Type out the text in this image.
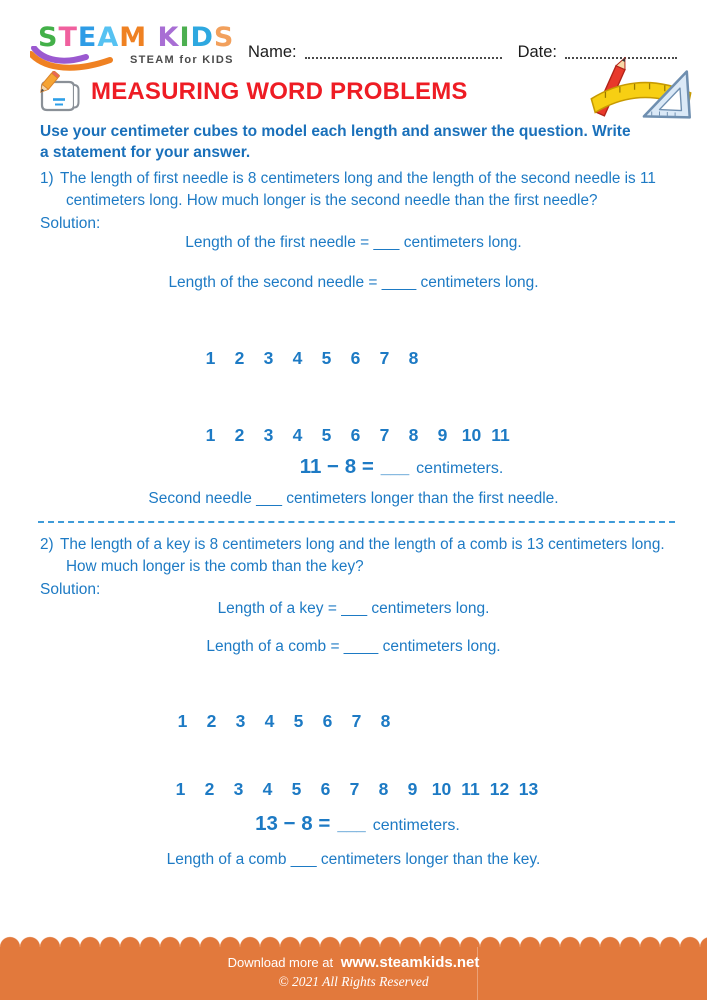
STEAM KIDS
STEAM for KIDS Name:	Date:
MEASURING WORD PROBLEMS
Use your centimeter cubes to model each length and answer the question. Write
a statement for your answer.

1) The length of first needle is 8 centimeters long and the length of the second needle is 11 centimeters long. How much longer is the second needle than the first needle?

Solution:
Length of the first needle = ___ centimeters long.
Length of the second needle = ____ centimeters long.
1	2	3	4	5	6	7	8
1	2	3	4	5	6	7	8	9 10 11
11 − 8 = ___ centimeters.
Second needle ___ centimeters longer than the first needle.

2) The length of a key is 8 centimeters long and the length of a comb is 13 centimeters long. How much longer is the comb than the key?

Solution:
Length of a key = ___ centimeters long.
Length of a comb = ____ centimeters long.
1	2	3	4	5	6	7	8
1	2	3	4	5	6	7	8	9 10 11 12 13
13 − 8 = ___ centimeters.
Length of a comb ___ centimeters longer than the key.
Download more at www.steamkids.net
© 2021 All Rights Reserved
